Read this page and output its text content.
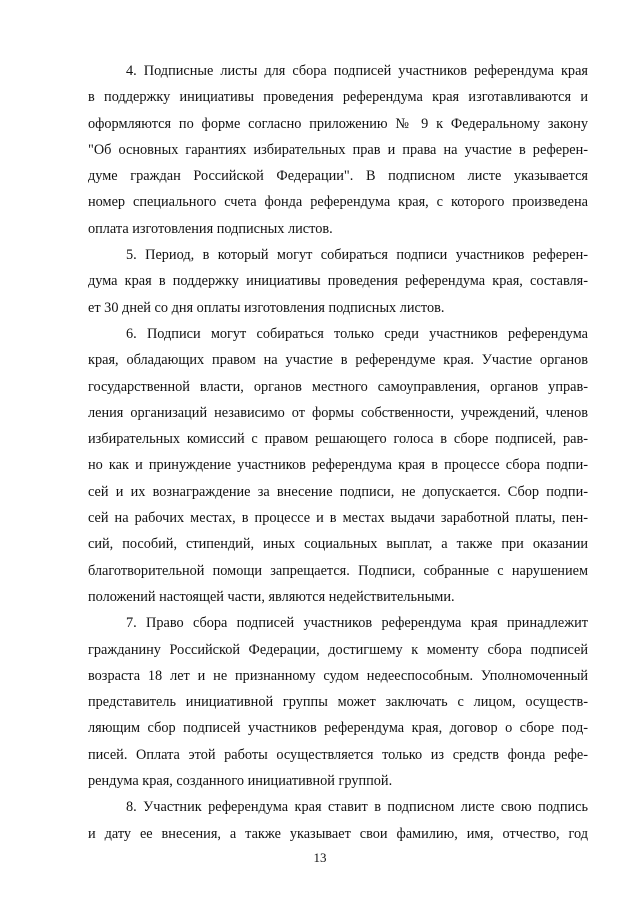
4. Подписные листы для сбора подписей участников референдума края
в поддержку инициативы проведения референдума края изготавливаются и
оформляются по форме согласно приложению № 9 к Федеральному закону
"Об основных гарантиях избирательных прав и права на участие в референ-
думе граждан Российской Федерации". В подписном листе указывается
номер специального счета фонда референдума края, с которого произведена
оплата изготовления подписных листов.
5. Период, в который могут собираться подписи участников референ-
дума края в поддержку инициативы проведения референдума края, составля-
ет 30 дней со дня оплаты изготовления подписных листов.
6. Подписи могут собираться только среди участников референдума
края, обладающих правом на участие в референдуме края. Участие органов
государственной власти, органов местного самоуправления, органов управ-
ления организаций независимо от формы собственности, учреждений, членов
избирательных комиссий с правом решающего голоса в сборе подписей, рав-
но как и принуждение участников референдума края в процессе сбора подпи-
сей и их вознаграждение за внесение подписи, не допускается. Сбор подпи-
сей на рабочих местах, в процессе и в местах выдачи заработной платы, пен-
сий, пособий, стипендий, иных социальных выплат, а также при оказании
благотворительной помощи запрещается. Подписи, собранные с нарушением
положений настоящей части, являются недействительными.
7. Право сбора подписей участников референдума края принадлежит
гражданину Российской Федерации, достигшему к моменту сбора подписей
возраста 18 лет и не признанному судом недееспособным. Уполномоченный
представитель инициативной группы может заключать с лицом, осуществ-
ляющим сбор подписей участников референдума края, договор о сборе под-
писей. Оплата этой работы осуществляется только из средств фонда рефе-
рендума края, созданного инициативной группой.
8. Участник референдума края ставит в подписном листе свою подпись
и дату ее внесения, а также указывает свои фамилию, имя, отчество, год
13
